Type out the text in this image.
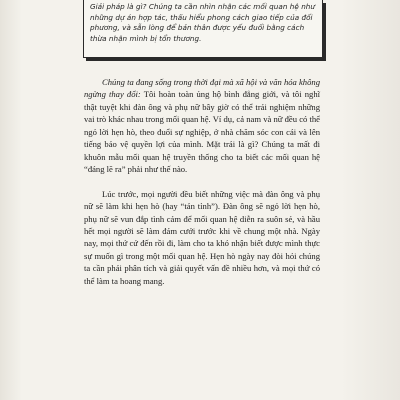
Giải pháp là gì? Chúng ta cần nhìn nhận các mối quan hệ như những dự án hợp tác, thấu hiểu phong cách giao tiếp của đối phương, và sẵn lòng để bản thân được yếu đuối bằng cách thừa nhận mình bị tổn thương.

Chúng ta đang sống trong thời đại mà xã hội và văn hóa không ngừng thay đổi: Tôi hoàn toàn ủng hộ bình đẳng giới, và tôi nghĩ thật tuyệt khi đàn ông và phụ nữ bây giờ có thể trải nghiệm những vai trò khác nhau trong mối quan hệ. Ví dụ, cả nam và nữ đều có thể ngỏ lời hẹn hò, theo đuổi sự nghiệp, ở nhà chăm sóc con cái và lên tiếng bảo vệ quyền lợi của mình. Mặt trái là gì? Chúng ta mất đi khuôn mẫu mối quan hệ truyền thống cho ta biết các mối quan hệ “đáng lẽ ra” phải như thế nào.

Lúc trước, mọi người đều biết những việc mà đàn ông và phụ nữ sẽ làm khi hẹn hò (hay “tán tỉnh”). Đàn ông sẽ ngỏ lời hẹn hò, phụ nữ sẽ vun đắp tình cảm để mối quan hệ diễn ra suôn sẻ, và hầu hết mọi người sẽ làm đám cưới trước khi về chung một nhà. Ngày nay, mọi thứ cứ đến rồi đi, làm cho ta khó nhận biết được mình thực sự muốn gì trong một mối quan hệ. Hẹn hò ngày nay đòi hỏi chúng ta cần phải phân tích và giải quyết vấn đề nhiều hơn, và mọi thứ có thể làm ta hoang mang.
